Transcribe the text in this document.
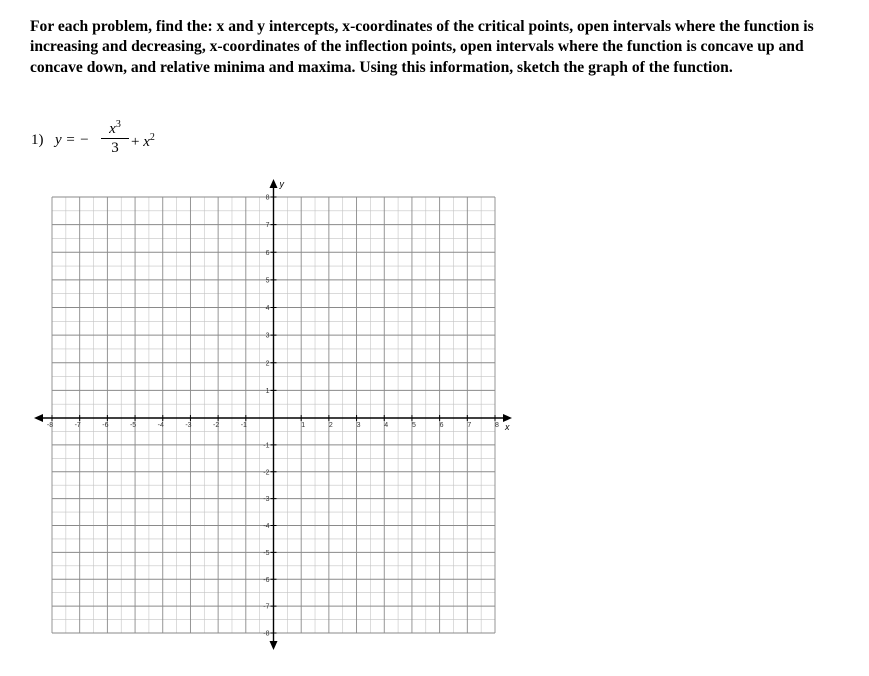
For each problem, find the: x and y intercepts, x-coordinates of the critical points, open intervals where the function is increasing and decreasing, x-coordinates of the inflection points, open intervals where the function is concave up and concave down, and relative minima and maxima. Using this information, sketch the graph of the function.

1) y = −
$x^3$
$3 + x^2$
-8	-7	-6	-5	-4	-3	-2	-1	1	2	3	4	5	6	7	8
8
7
6
5
4
3
2
1
-1
-2
-3
-4
-5
-6
-7
-8
x
y
